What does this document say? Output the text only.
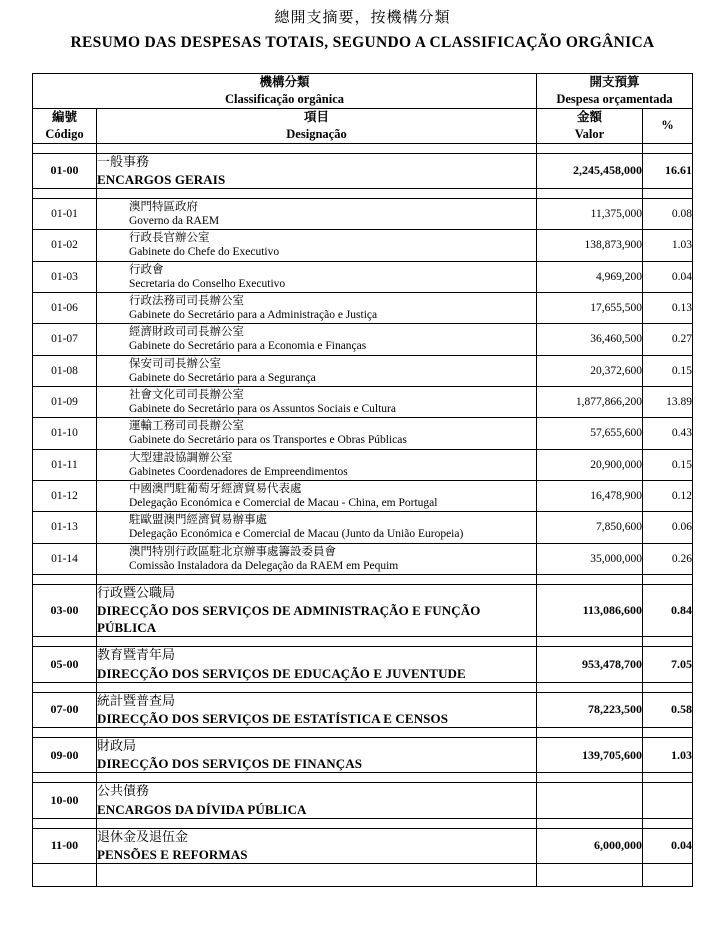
總開支摘要，按機構分類
RESUMO DAS DESPESAS TOTAIS, SEGUNDO A CLASSIFICAÇÃO ORGÂNICA
機構分類
Classificação orgânica		開支預算
Despesa orçamentada	

編號
Código	項目
Designação	金額
Valor	%

01-00	一般事務
ENCARGOS GERAIS	2,245,458,000	16.61

01-01	澳門特區政府
Governo da RAEM	11,375,000	0.08
01-02	行政長官辦公室
Gabinete do Chefe do Executivo	138,873,900	1.03
01-03	行政會
Secretaria do Conselho Executivo	4,969,200	0.04
01-06	行政法務司司長辦公室
Gabinete do Secretário para a Administração e Justiça	17,655,500	0.13
01-07	經濟財政司司長辦公室
Gabinete do Secretário para a Economia e Finanças	36,460,500	0.27
01-08	保安司司長辦公室
Gabinete do Secretário para a Segurança	20,372,600	0.15
01-09	社會文化司司長辦公室
Gabinete do Secretário para os Assuntos Sociais e Cultura	1,877,866,200	13.89
01-10	運輸工務司司長辦公室
Gabinete do Secretário para os Transportes e Obras Públicas	57,655,600	0.43
01-11	大型建設協調辦公室
Gabinetes Coordenadores de Empreendimentos	20,900,000	0.15
01-12	中國澳門駐葡萄牙經濟貿易代表處
Delegação Económica e Comercial de Macau - China, em Portugal	16,478,900	0.12
01-13	駐歐盟澳門經濟貿易辦事處
Delegação Económica e Comercial de Macau (Junto da União Europeia)	7,850,600	0.06
01-14	澳門特別行政區駐北京辦事處籌設委員會
Comissão Instaladora da Delegação da RAEM em Pequim	35,000,000	0.26

03-00	行政暨公職局
DIRECÇÃO DOS SERVIÇOS DE ADMINISTRAÇÃO E FUNÇÃO PÚBLICA	113,086,600	0.84

05-00	教育暨青年局
DIRECÇÃO DOS SERVIÇOS DE EDUCAÇÃO E JUVENTUDE	953,478,700	7.05

07-00	統計暨普查局
DIRECÇÃO DOS SERVIÇOS DE ESTATÍSTICA E CENSOS	78,223,500	0.58

09-00	財政局
DIRECÇÃO DOS SERVIÇOS DE FINANÇAS	139,705,600	1.03

10-00	公共債務
ENCARGOS DA DÍVIDA PÚBLICA		

11-00	退休金及退伍金
PENSÕES E REFORMAS	6,000,000	0.04
